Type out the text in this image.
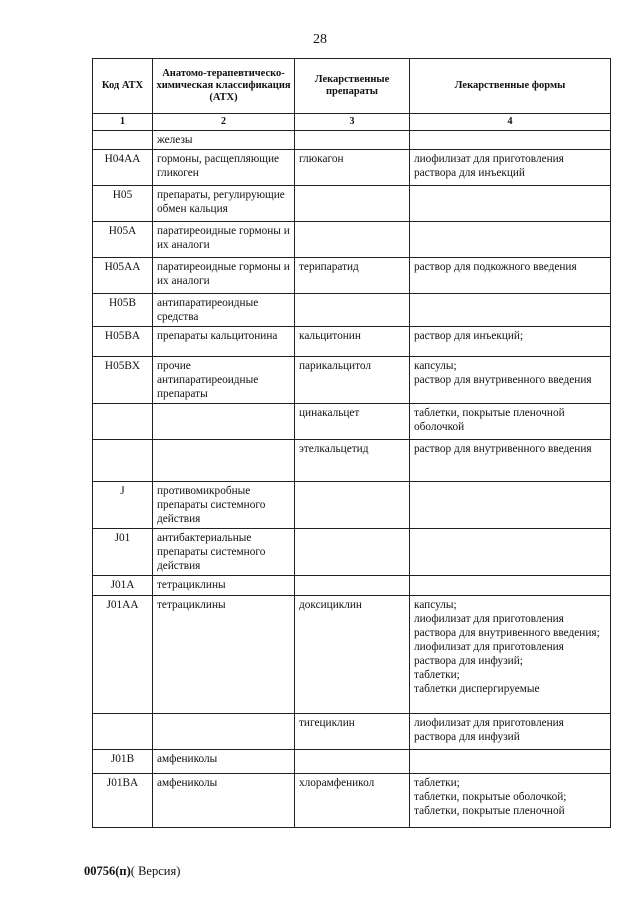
28
Код АТХ	Анатомо-терапевтическо-химическая классификация (АТХ)	Лекарственные препараты	Лекарственные формы
1	2	3	4
	железы		
H04AA	гормоны, расщепляющие гликоген	глюкагон	лиофилизат для приготовления раствора для инъекций

H05	препараты, регулирующие обмен кальция		
H05A	паратиреоидные гормоны и их аналоги		
H05AA	паратиреоидные гормоны и их аналоги	терипаратид	раствор для подкожного введения

H05B	антипаратиреоидные средства		
H05BA	препараты кальцитонина	кальцитонин	раствор для инъекций;

H05BX	прочие антипаратиреоидные препараты	парикальцитол	капсулы;
раствор для внутривенного введения

		цинакальцет	таблетки, покрытые пленочной оболочкой

		этелкальцетид	раствор для внутривенного введения

J	противомикробные препараты системного действия		
J01	антибактериальные препараты системного действия		
J01A	тетрациклины		
J01AA	тетрациклины	доксициклин	капсулы;
лиофилизат для приготовления раствора для внутривенного введения;
лиофилизат для приготовления раствора для инфузий;
таблетки;
таблетки диспергируемые

		тигециклин	лиофилизат для приготовления раствора для инфузий

J01B	амфениколы		
J01BA	амфениколы	хлорамфеникол	таблетки;
таблетки, покрытые оболочкой;
таблетки, покрытые пленочной
00756(п)( Версия)
